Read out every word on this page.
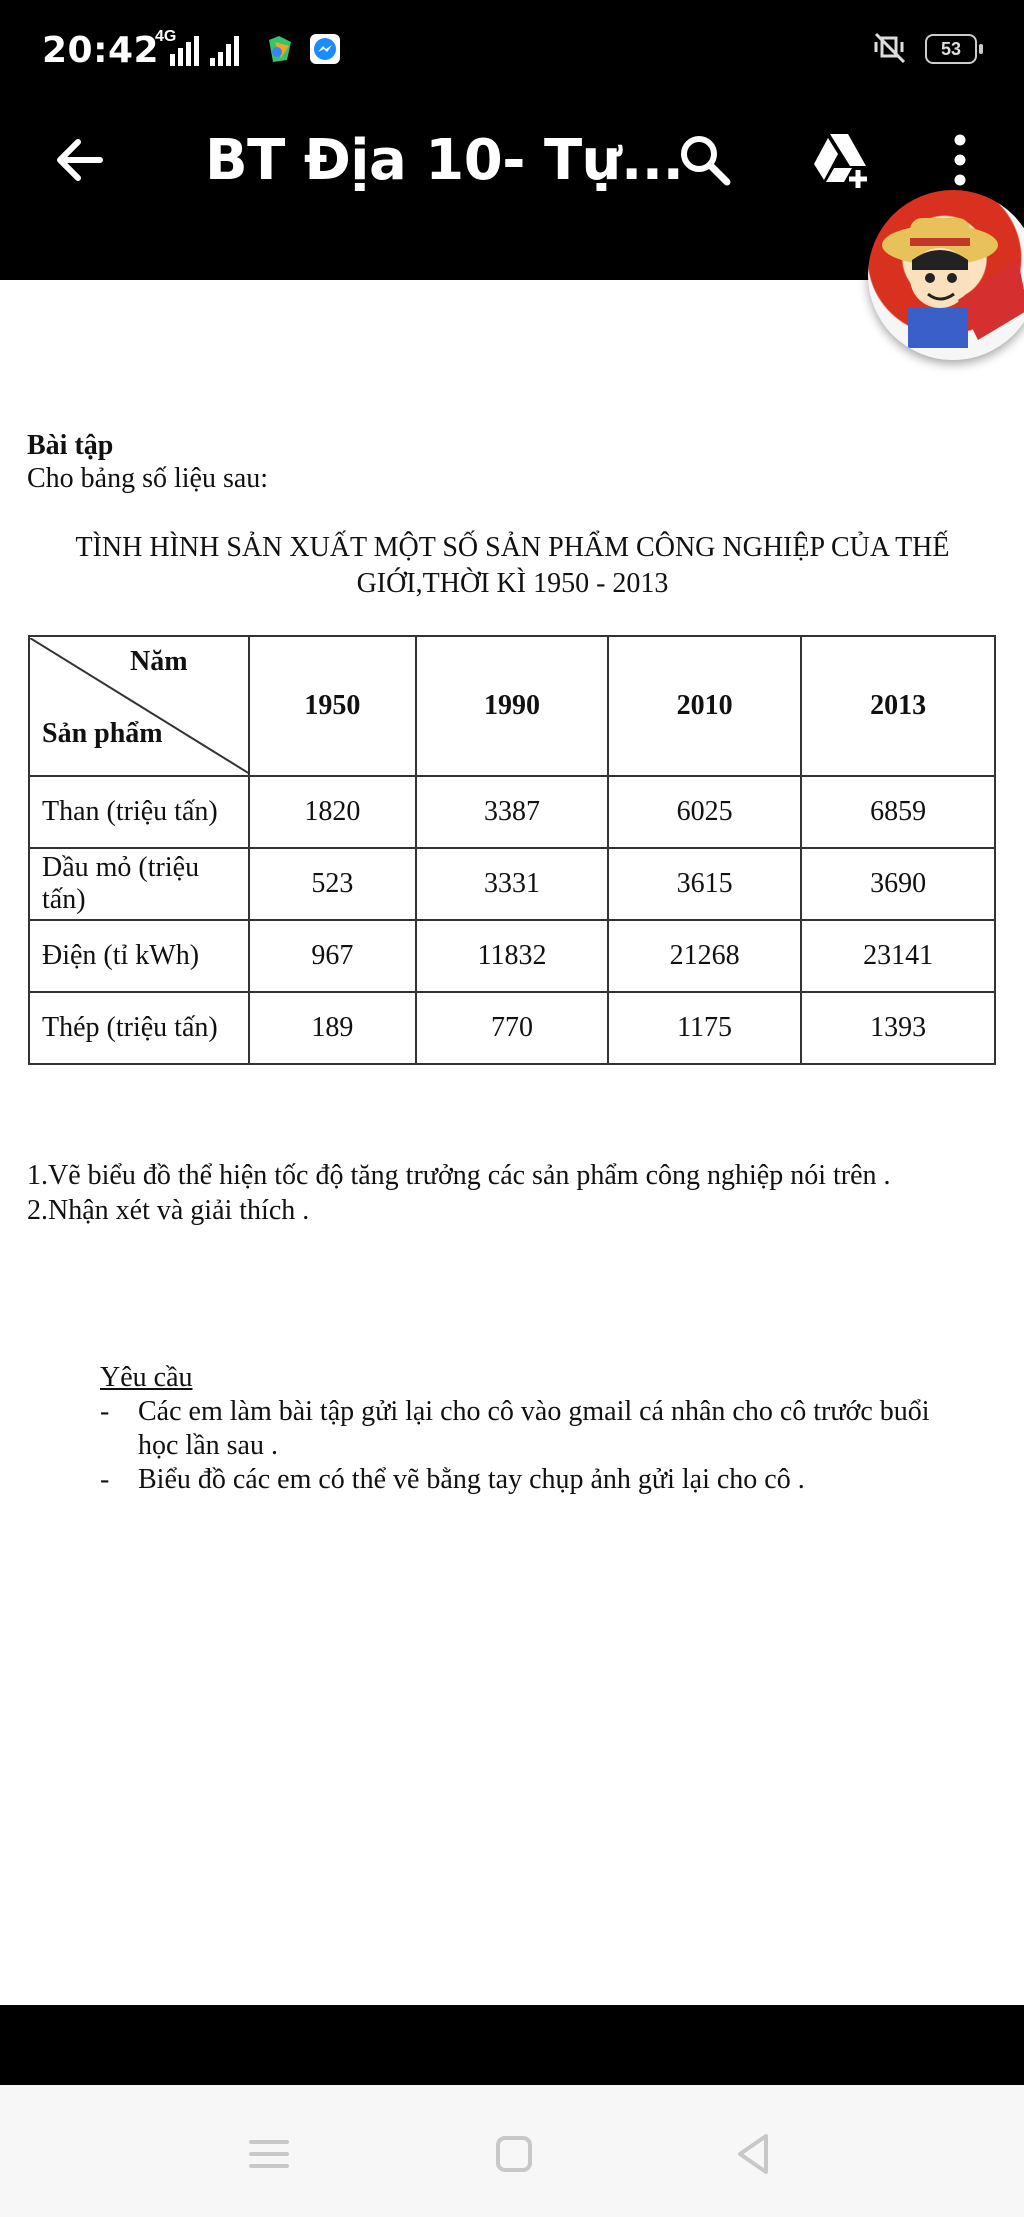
20:42
4G
53
BT Địa 10- Tự...
Bài tập
Cho bảng số liệu sau:
TÌNH HÌNH SẢN XUẤT MỘT SỐ SẢN PHẨM CÔNG NGHIỆP CỦA THẾ
GIỚI,THỜI KÌ 1950 - 2013
Năm
Sản phẩm	1950	1990	2010	2013
Than (triệu tấn)	1820	3387	6025	6859
Dầu mỏ (triệu tấn)	523	3331	3615	3690
Điện (tỉ kWh)	967	11832	21268	23141
Thép (triệu tấn)	189	770	1175	1393
1.Vẽ biểu đồ thể hiện tốc độ tăng trưởng các sản phẩm công nghiệp nói trên .
2.Nhận xét và giải thích .
Yêu cầu
-	Các em làm bài tập gửi lại cho cô vào gmail cá nhân cho cô trước buổi học lần sau .
-	Biểu đồ các em có thể vẽ bằng tay chụp ảnh gửi lại cho cô .
